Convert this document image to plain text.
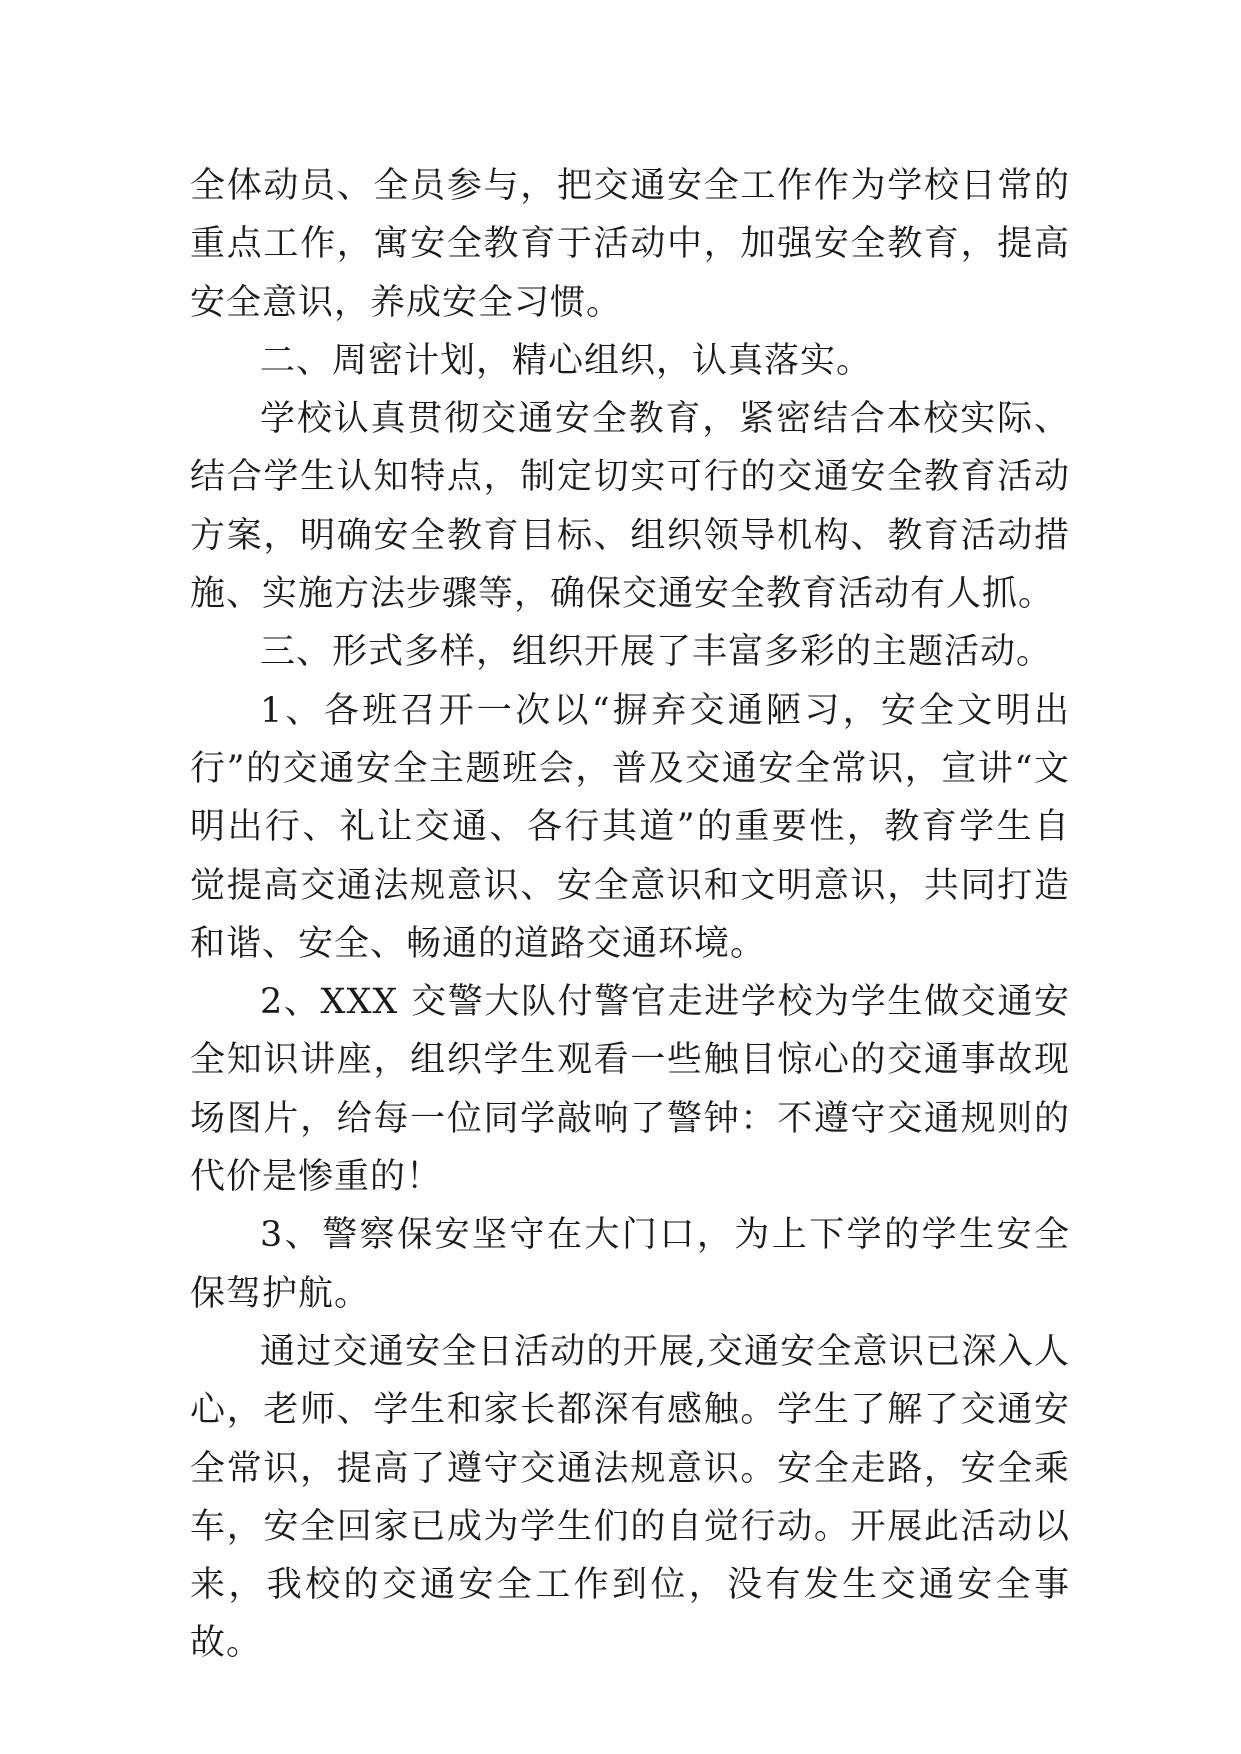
全体动员、全员参与，把交通安全工作作为学校日常的重点工作，寓安全教育于活动中，加强安全教育，提高安全意识，养成安全习惯。

二、周密计划，精心组织，认真落实。

学校认真贯彻交通安全教育，紧密结合本校实际、结合学生认知特点，制定切实可行的交通安全教育活动方案，明确安全教育目标、组织领导机构、教育活动措施、实施方法步骤等，确保交通安全教育活动有人抓。

三、形式多样，组织开展了丰富多彩的主题活动。

1、各班召开一次以“摒弃交通陋习，安全文明出行”的交通安全主题班会，普及交通安全常识，宣讲“文明出行、礼让交通、各行其道”的重要性，教育学生自觉提高交通法规意识、安全意识和文明意识，共同打造和谐、安全、畅通的道路交通环境。

2、XXX 交警大队付警官走进学校为学生做交通安全知识讲座，组织学生观看一些触目惊心的交通事故现场图片，给每一位同学敲响了警钟：不遵守交通规则的代价是惨重的！

3、警察保安坚守在大门口，为上下学的学生安全保驾护航。

通过交通安全日活动的开展,交通安全意识已深入人心，老师、学生和家长都深有感触。学生了解了交通安全常识，提高了遵守交通法规意识。安全走路，安全乘车，安全回家已成为学生们的自觉行动。开展此活动以来，我校的交通安全工作到位，没有发生交通安全事故。
